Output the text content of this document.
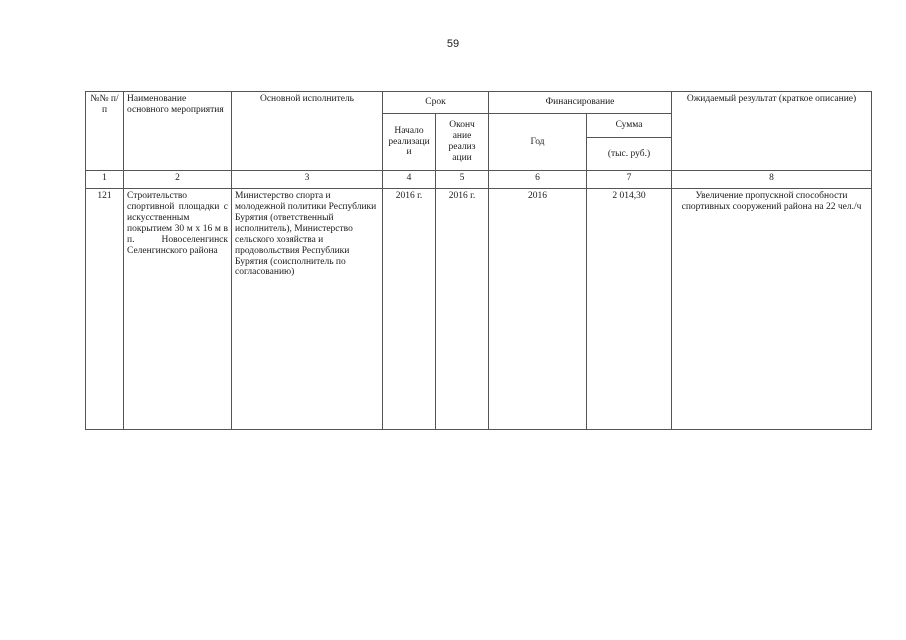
59
№№ п/п	Наименование основного мероприятия	Основной исполнитель	Срок		Финансирование		Ожидаемый результат (краткое описание)
			Начало реализаци и	Оконч ание реализ ации	Год	Сумма	
						(тыс. руб.)	
1	2	3	4	5	6	7	8
121	Строительство спортивной площадки с искусственным покрытием 30 м х 16 м в п. Новоселенгинск Селенгинского района	Министерство спорта и молодежной политики Республики Бурятия (ответственный исполнитель), Министерство сельского хозяйства и продовольствия Республики Бурятия (соисполнитель по согласованию)	2016 г.	2016 г.	2016	2 014,30	Увеличение пропускной способности спортивных сооружений района на 22 чел./ч
